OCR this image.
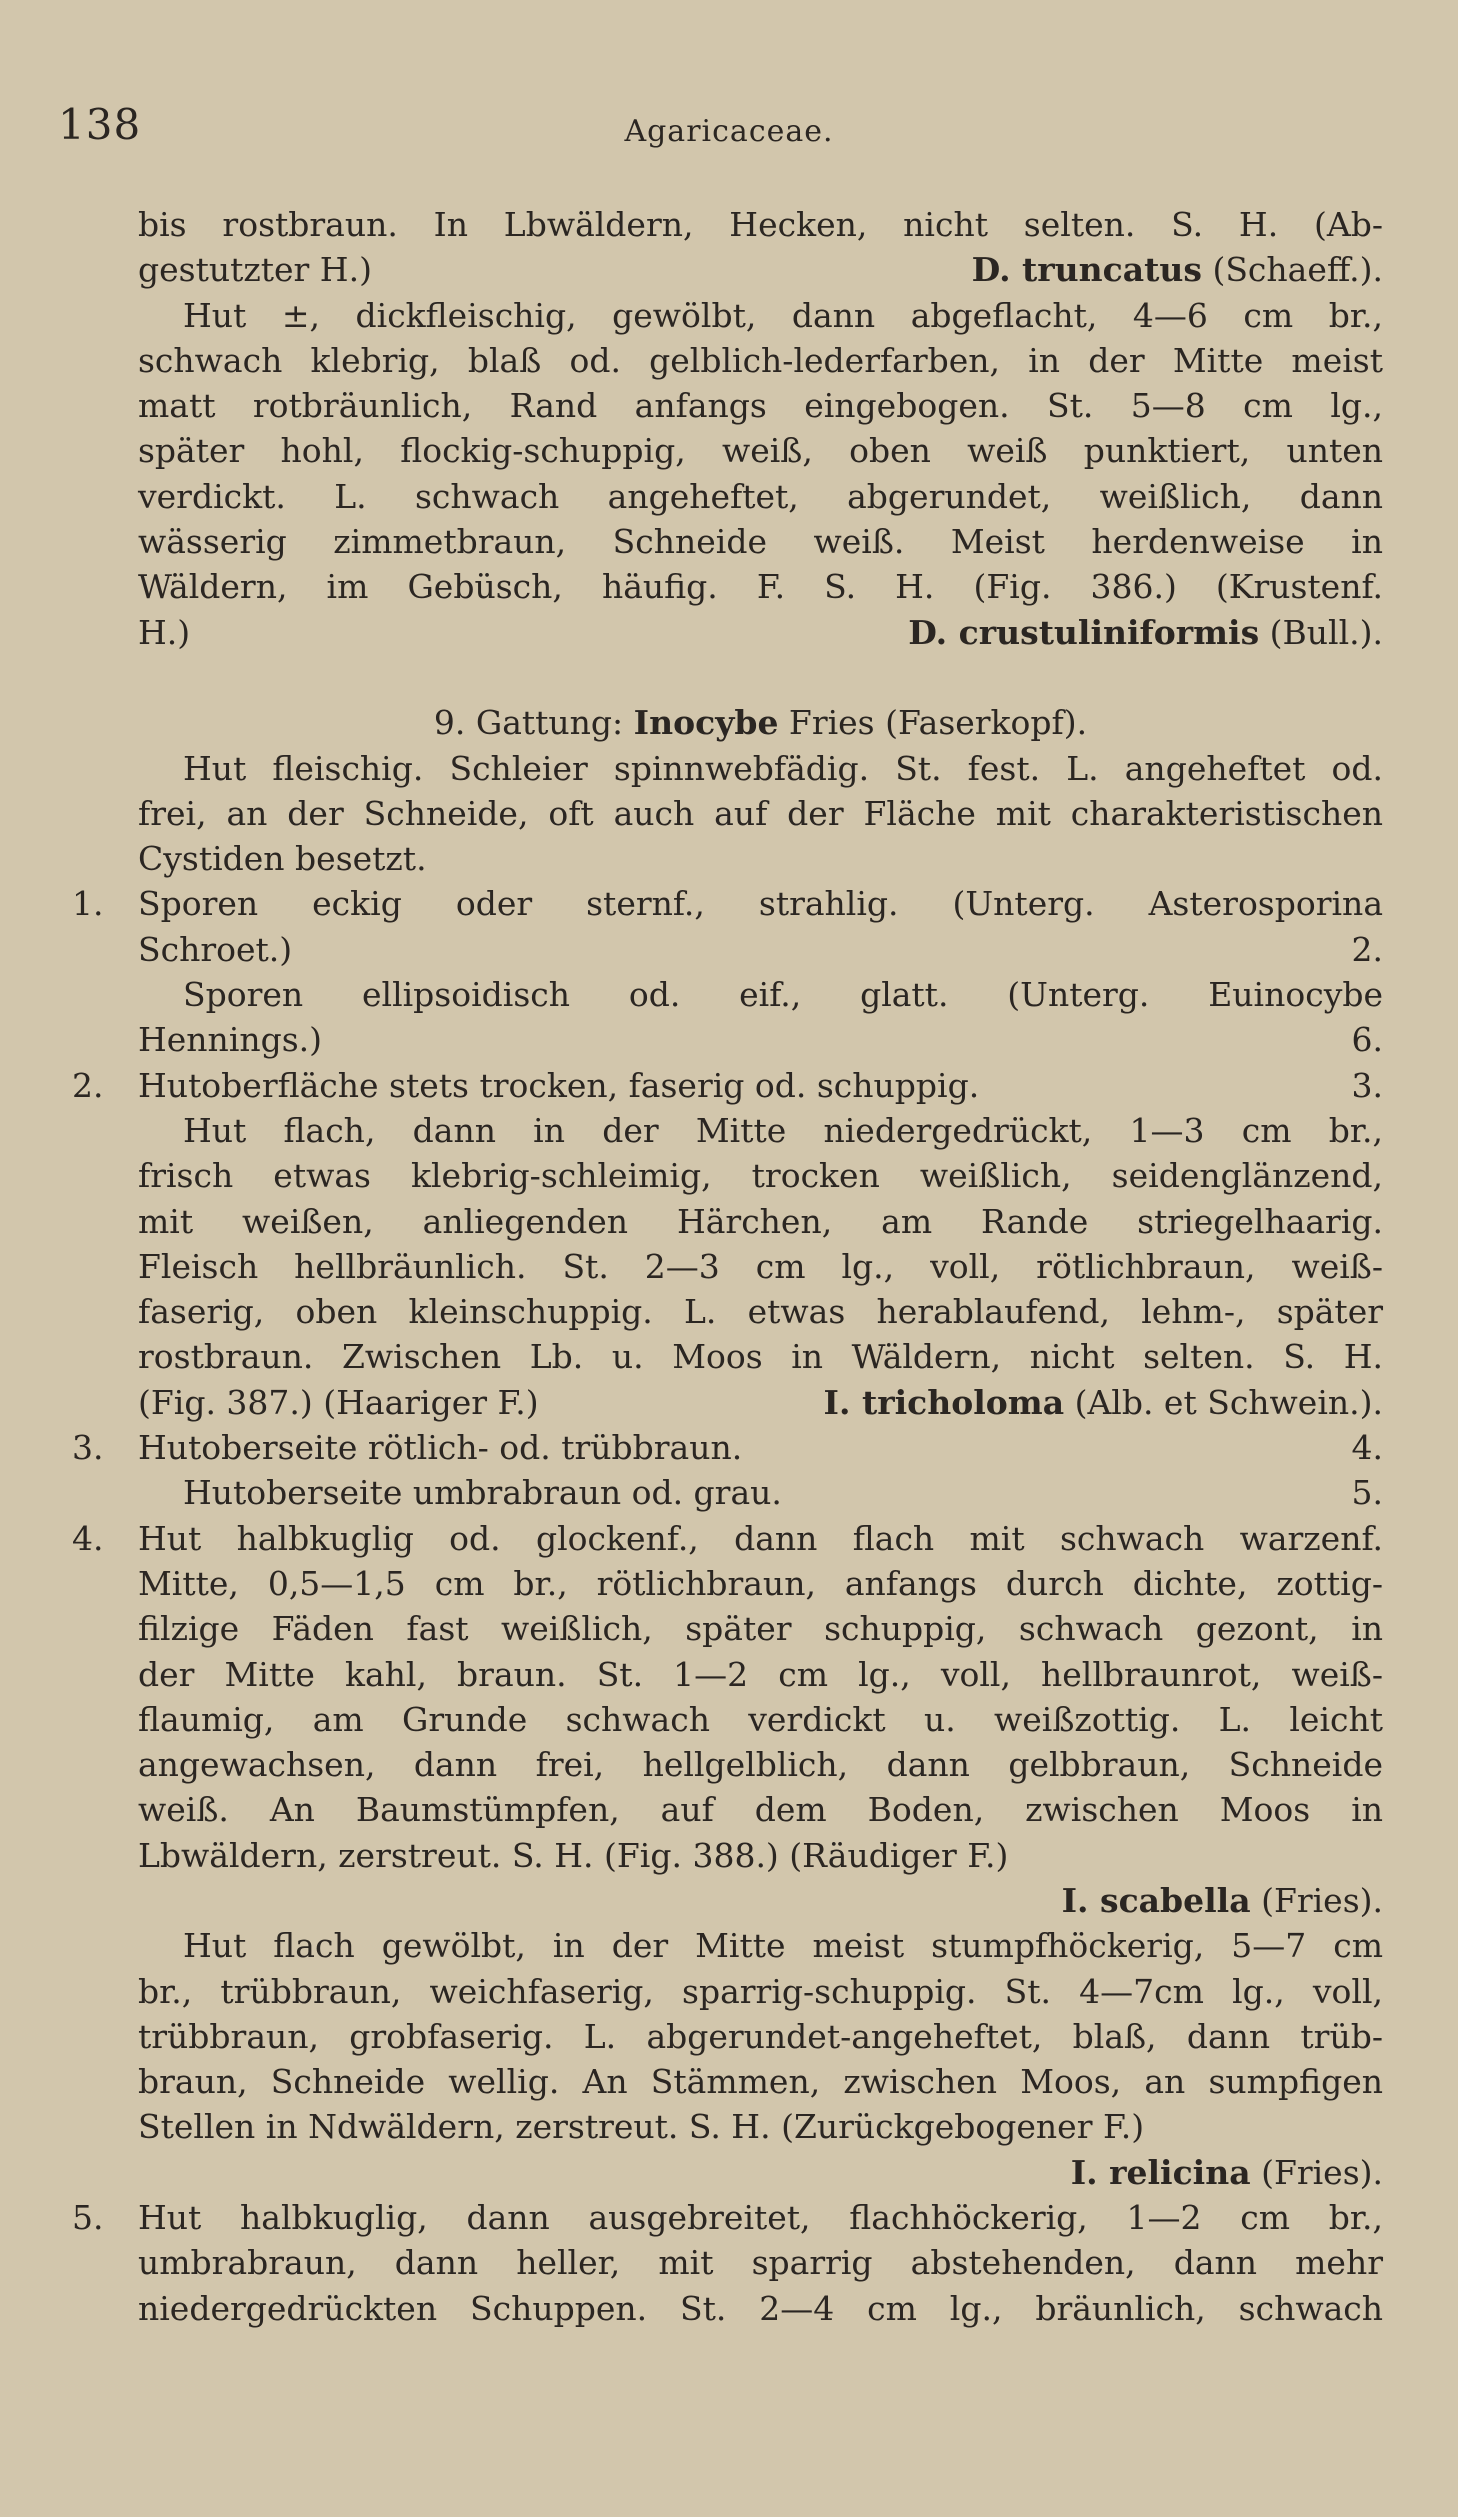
138	Agaricaceae.
bis rostbraun. In Lbwäldern, Hecken, nicht selten. S. H. (Ab-
gestutzter H.)	D. truncatus (Schaeff.).
Hut ±, dickfleischig, gewölbt, dann abgeflacht, 4—6 cm br.,
schwach klebrig, blaß od. gelblich-lederfarben, in der Mitte meist
matt rotbräunlich, Rand anfangs eingebogen. St. 5—8 cm lg.,
später hohl, flockig-schuppig, weiß, oben weiß punktiert, unten
verdickt. L. schwach angeheftet, abgerundet, weißlich, dann
wässerig zimmetbraun, Schneide weiß. Meist herdenweise in
Wäldern, im Gebüsch, häufig. F. S. H. (Fig. 386.) (Krustenf.
H.)	D. crustuliniformis (Bull.).
9. Gattung: Inocybe Fries (Faserkopf).
Hut fleischig. Schleier spinnwebfädig. St. fest. L. angeheftet od.
frei, an der Schneide, oft auch auf der Fläche mit charakteristischen
Cystiden besetzt.
1. Sporen eckig oder sternf., strahlig. (Unterg. Asterosporina
Schroet.)	2.
Sporen ellipsoidisch od. eif., glatt. (Unterg. Euinocybe
Hennings.)	6.
2. Hutoberfläche stets trocken, faserig od. schuppig.	3.
Hut flach, dann in der Mitte niedergedrückt, 1—3 cm br.,
frisch etwas klebrig-schleimig, trocken weißlich, seidenglänzend,
mit weißen, anliegenden Härchen, am Rande striegelhaarig.
Fleisch hellbräunlich. St. 2—3 cm lg., voll, rötlichbraun, weiß-
faserig, oben kleinschuppig. L. etwas herablaufend, lehm-, später
rostbraun. Zwischen Lb. u. Moos in Wäldern, nicht selten. S. H.
(Fig. 387.) (Haariger F.)	I. tricholoma (Alb. et Schwein.).
3. Hutoberseite rötlich- od. trübbraun.	4.
Hutoberseite umbrabraun od. grau.	5.
4. Hut halbkuglig od. glockenf., dann flach mit schwach warzenf.
Mitte, 0,5—1,5 cm br., rötlichbraun, anfangs durch dichte, zottig-
filzige Fäden fast weißlich, später schuppig, schwach gezont, in
der Mitte kahl, braun. St. 1—2 cm lg., voll, hellbraunrot, weiß-
flaumig, am Grunde schwach verdickt u. weißzottig. L. leicht
angewachsen, dann frei, hellgelblich, dann gelbbraun, Schneide
weiß. An Baumstümpfen, auf dem Boden, zwischen Moos in
Lbwäldern, zerstreut. S. H. (Fig. 388.) (Räudiger F.)
I. scabella (Fries).
Hut flach gewölbt, in der Mitte meist stumpfhöckerig, 5—7 cm
br., trübbraun, weichfaserig, sparrig-schuppig. St. 4—7cm lg., voll,
trübbraun, grobfaserig. L. abgerundet-angeheftet, blaß, dann trüb-
braun, Schneide wellig. An Stämmen, zwischen Moos, an sumpfigen
Stellen in Ndwäldern, zerstreut. S. H. (Zurückgebogener F.)
I. relicina (Fries).
5. Hut halbkuglig, dann ausgebreitet, flachhöckerig, 1—2 cm br.,
umbrabraun, dann heller, mit sparrig abstehenden, dann mehr
niedergedrückten Schuppen. St. 2—4 cm lg., bräunlich, schwach
